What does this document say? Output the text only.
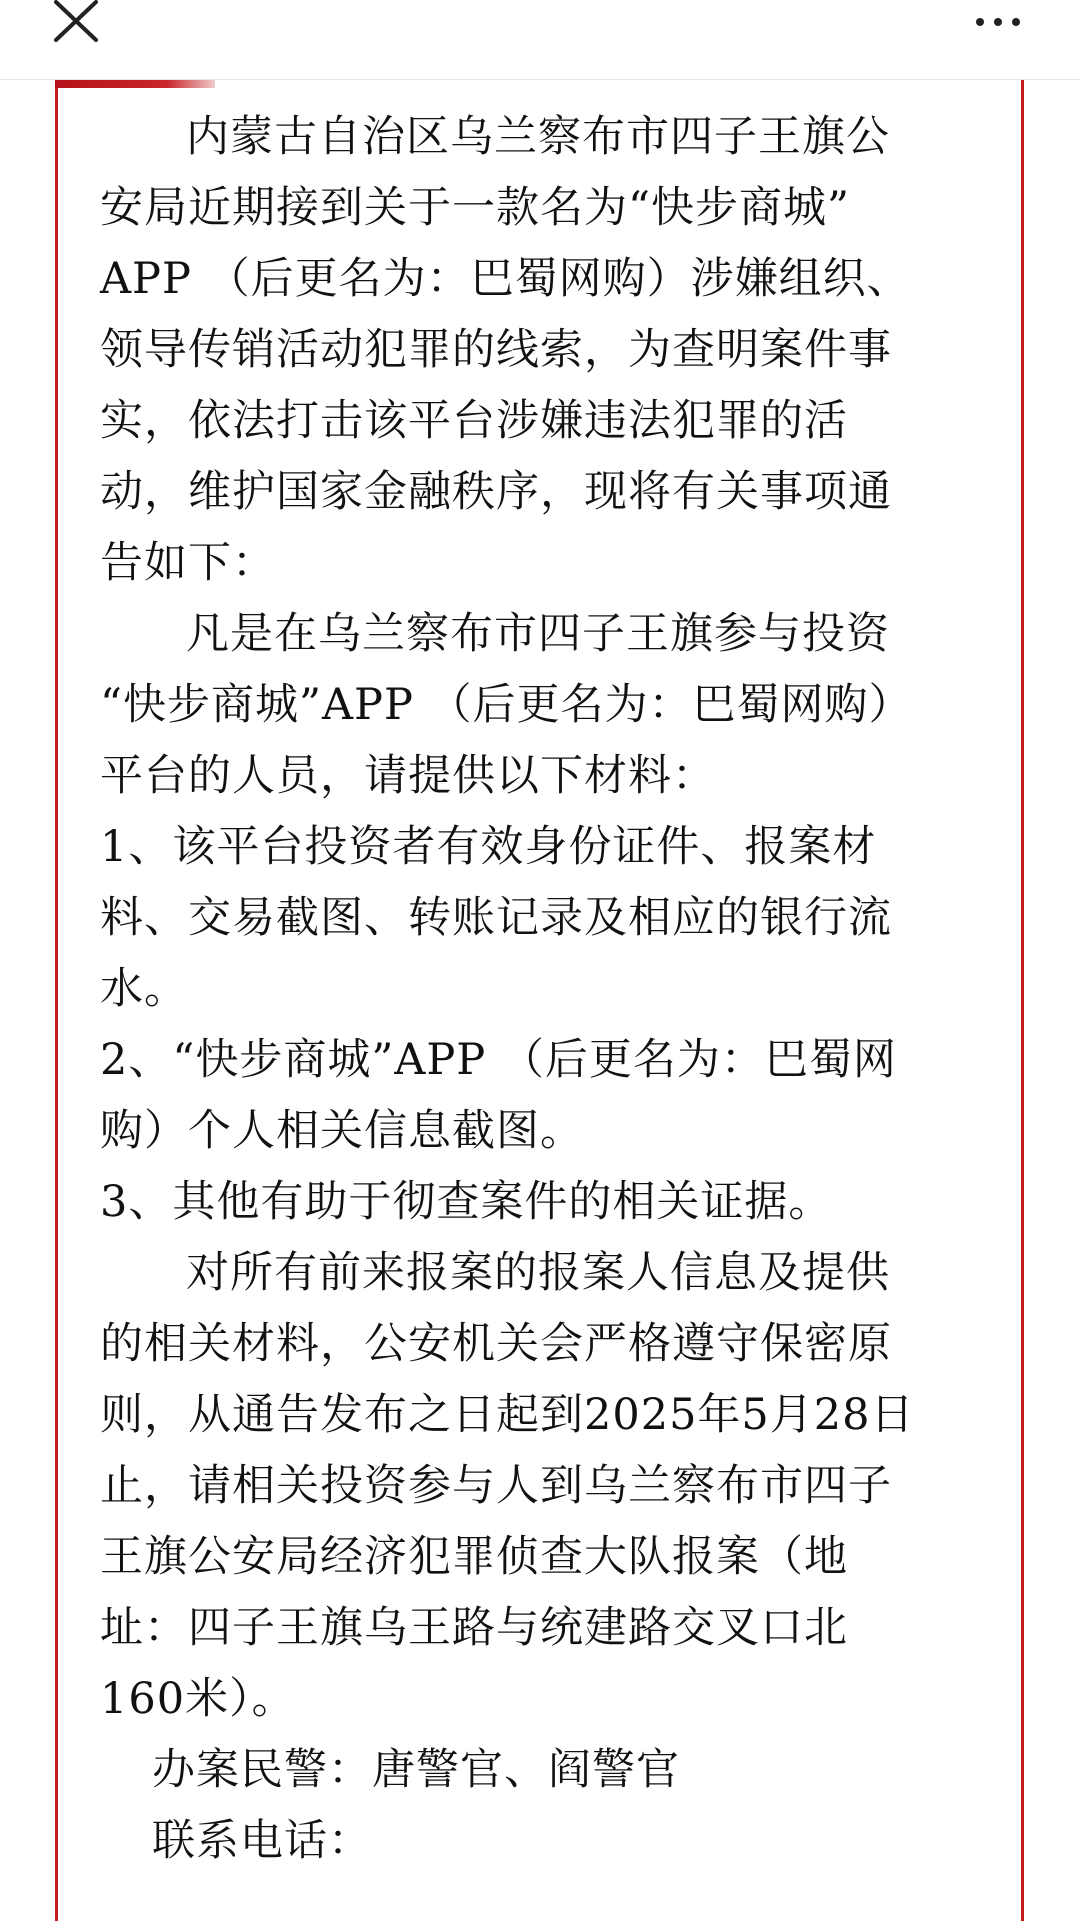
内蒙古自治区乌兰察布市四子王旗公
安局近期接到关于一款名为“快步商城”
APP （后更名为：巴蜀网购）涉嫌组织、
领导传销活动犯罪的线索，为查明案件事
实，依法打击该平台涉嫌违法犯罪的活
动，维护国家金融秩序，现将有关事项通
告如下：
凡是在乌兰察布市四子王旗参与投资
“快步商城”APP （后更名为：巴蜀网购）
平台的人员，请提供以下材料：
1、该平台投资者有效身份证件、报案材
料、交易截图、转账记录及相应的银行流
水。
2、“快步商城”APP （后更名为：巴蜀网
购）个人相关信息截图。
3、其他有助于彻查案件的相关证据。
对所有前来报案的报案人信息及提供
的相关材料，公安机关会严格遵守保密原
则，从通告发布之日起到2025年5月28日
止，请相关投资参与人到乌兰察布市四子
王旗公安局经济犯罪侦查大队报案（地
址：四子王旗乌王路与统建路交叉口北
160米）。
办案民警：唐警官、阎警官
联系电话：
